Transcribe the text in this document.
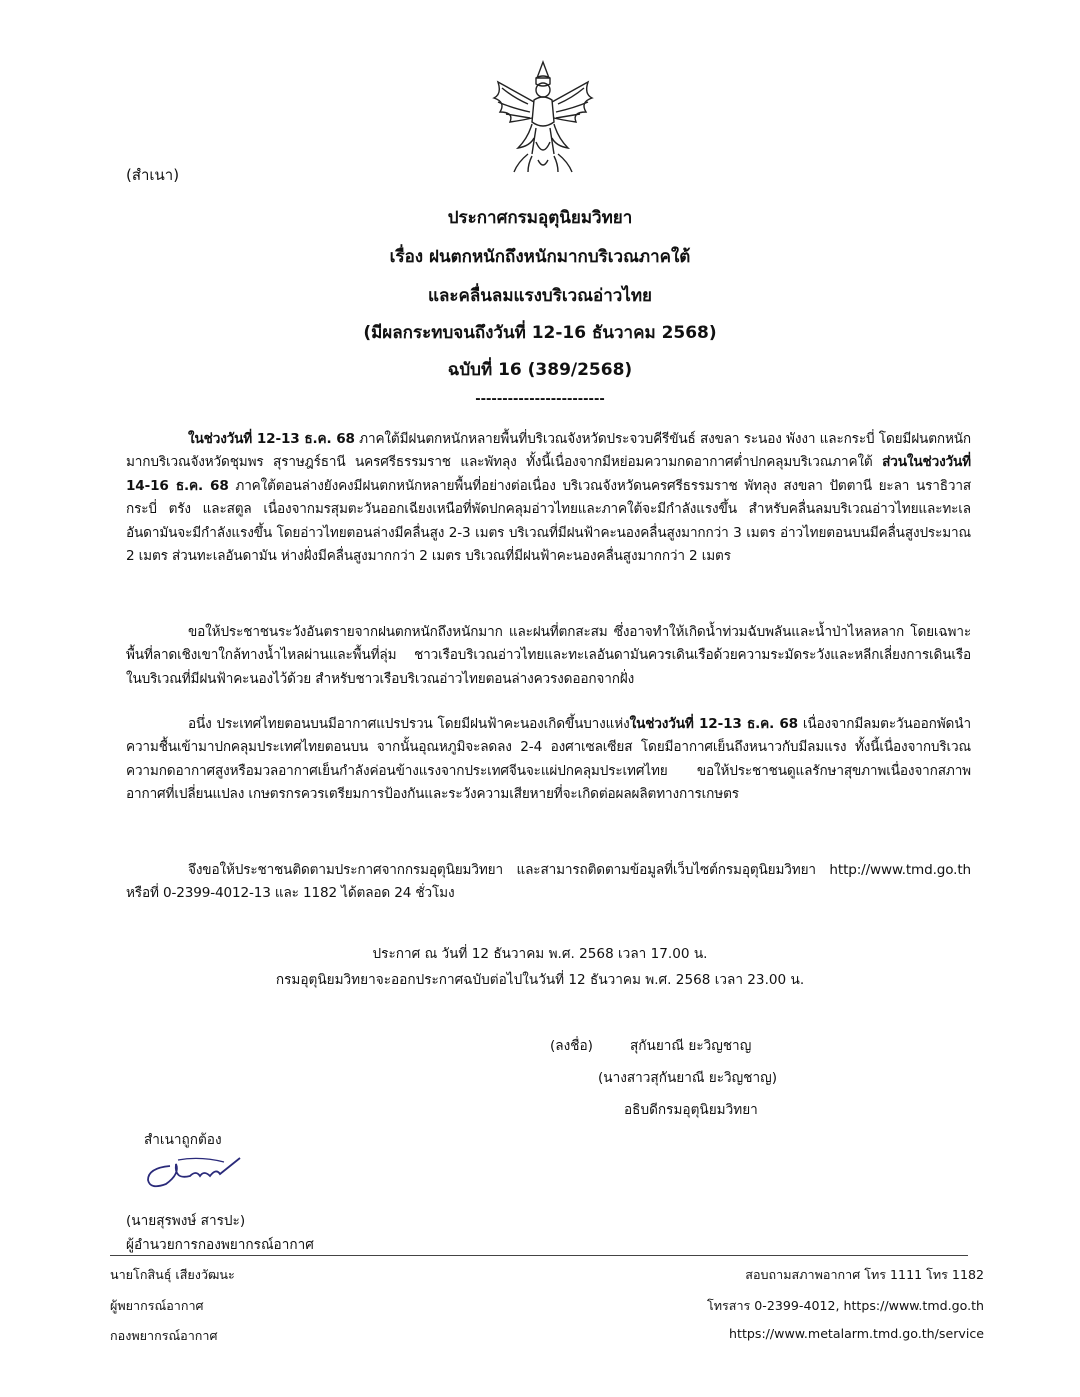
(สำเนา)
ประกาศกรมอุตุนิยมวิทยา
เรื่อง ฝนตกหนักถึงหนักมากบริเวณภาคใต้
และคลื่นลมแรงบริเวณอ่าวไทย
(มีผลกระทบจนถึงวันที่ 12-16 ธันวาคม 2568)
ฉบับที่ 16 (389/2568)
------------------------

ในช่วงวันที่ 12-13 ธ.ค. 68 ภาคใต้มีฝนตกหนักหลายพื้นที่บริเวณจังหวัดประจวบคีรีขันธ์ สงขลา ระนอง พังงา และกระบี่ โดยมีฝนตกหนักมากบริเวณจังหวัดชุมพร สุราษฎร์ธานี นครศรีธรรมราช และพัทลุง ทั้งนี้เนื่องจากมีหย่อมความกดอากาศต่ำปกคลุมบริเวณภาคใต้ ส่วนในช่วงวันที่ 14-16 ธ.ค. 68 ภาคใต้ตอนล่างยังคงมีฝนตกหนักหลายพื้นที่อย่างต่อเนื่อง บริเวณจังหวัดนครศรีธรรมราช พัทลุง สงขลา ปัตตานี ยะลา นราธิวาส กระบี่ ตรัง และสตูล เนื่องจากมรสุมตะวันออกเฉียงเหนือที่พัดปกคลุมอ่าวไทยและภาคใต้จะมีกำลังแรงขึ้น สำหรับคลื่นลมบริเวณอ่าวไทยและทะเลอันดามันจะมีกำลังแรงขึ้น โดยอ่าวไทยตอนล่างมีคลื่นสูง 2-3 เมตร บริเวณที่มีฝนฟ้าคะนองคลื่นสูงมากกว่า 3 เมตร อ่าวไทยตอนบนมีคลื่นสูงประมาณ 2 เมตร ส่วนทะเลอันดามัน ห่างฝั่งมีคลื่นสูงมากกว่า 2 เมตร บริเวณที่มีฝนฟ้าคะนองคลื่นสูงมากกว่า 2 เมตร

ขอให้ประชาชนระวังอันตรายจากฝนตกหนักถึงหนักมาก และฝนที่ตกสะสม ซึ่งอาจทำให้เกิดน้ำท่วมฉับพลันและน้ำป่าไหลหลาก โดยเฉพาะพื้นที่ลาดเชิงเขาใกล้ทางน้ำไหลผ่านและพื้นที่ลุ่ม ชาวเรือบริเวณอ่าวไทยและทะเลอันดามันควรเดินเรือด้วยความระมัดระวังและหลีกเลี่ยงการเดินเรือในบริเวณที่มีฝนฟ้าคะนองไว้ด้วย สำหรับชาวเรือบริเวณอ่าวไทยตอนล่างควรงดออกจากฝั่ง

อนึ่ง ประเทศไทยตอนบนมีอากาศแปรปรวน โดยมีฝนฟ้าคะนองเกิดขึ้นบางแห่งในช่วงวันที่ 12-13 ธ.ค. 68 เนื่องจากมีลมตะวันออกพัดนำความชื้นเข้ามาปกคลุมประเทศไทยตอนบน จากนั้นอุณหภูมิจะลดลง 2-4 องศาเซลเซียส โดยมีอากาศเย็นถึงหนาวกับมีลมแรง ทั้งนี้เนื่องจากบริเวณความกดอากาศสูงหรือมวลอากาศเย็นกำลังค่อนข้างแรงจากประเทศจีนจะแผ่ปกคลุมประเทศไทย ขอให้ประชาชนดูแลรักษาสุขภาพเนื่องจากสภาพอากาศที่เปลี่ยนแปลง เกษตรกรควรเตรียมการป้องกันและระวังความเสียหายที่จะเกิดต่อผลผลิตทางการเกษตร

จึงขอให้ประชาชนติดตามประกาศจากกรมอุตุนิยมวิทยา และสามารถติดตามข้อมูลที่เว็บไซต์กรมอุตุนิยมวิทยา http://www.tmd.go.th หรือที่ 0-2399-4012-13 และ 1182 ได้ตลอด 24 ชั่วโมง

ประกาศ ณ วันที่ 12 ธันวาคม พ.ศ. 2568 เวลา 17.00 น.
กรมอุตุนิยมวิทยาจะออกประกาศฉบับต่อไปในวันที่ 12 ธันวาคม พ.ศ. 2568 เวลา 23.00 น.
(ลงชื่อ)	สุกันยาณี ยะวิญชาญ
(นางสาวสุกันยาณี ยะวิญชาญ)
อธิบดีกรมอุตุนิยมวิทยา
สำเนาถูกต้อง
(นายสุรพงษ์ สารปะ)
ผู้อำนวยการกองพยากรณ์อากาศ
นายโกสินธุ์ เสียงวัฒนะ
ผู้พยากรณ์อากาศ
กองพยากรณ์อากาศ
สอบถามสภาพอากาศ โทร 1111 โทร 1182
โทรสาร 0-2399-4012, https://www.tmd.go.th
https://www.metalarm.tmd.go.th/service
